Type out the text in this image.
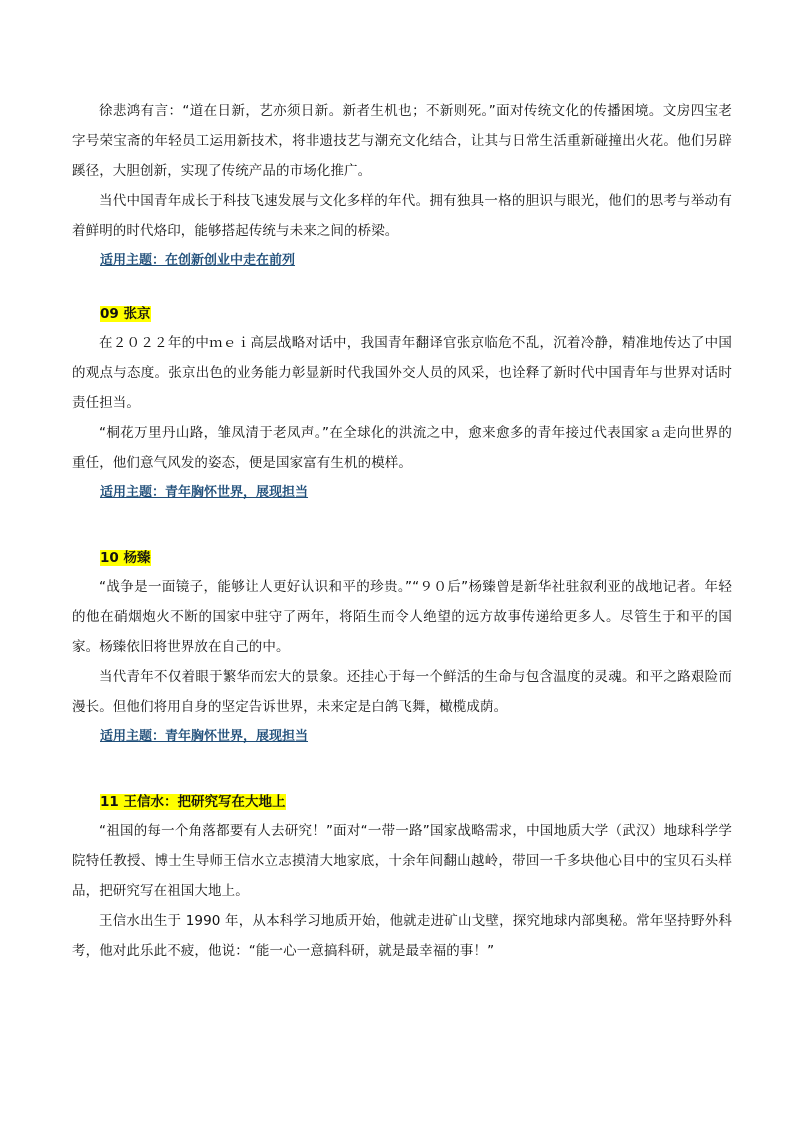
徐悲鸿有言：“道在日新，艺亦须日新。新者生机也；不新则死。”面对传统文化的传播困境。文房四宝老字号荣宝斋的年轻员工运用新技术，将非遗技艺与潮充文化结合，让其与日常生活重新碰撞出火花。他们另辟蹊径，大胆创新，实现了传统产品的市场化推广。

当代中国青年成长于科技飞速发展与文化多样的年代。拥有独具一格的胆识与眼光，他们的思考与举动有着鲜明的时代烙印，能够搭起传统与未来之间的桥梁。

适用主题：在创新创业中走在前列

09 张京

在２０２２年的中ｍｅｉ高层战略对话中，我国青年翻译官张京临危不乱，沉着冷静，精准地传达了中国的观点与态度。张京出色的业务能力彰显新时代我国外交人员的风采，也诠释了新时代中国青年与世界对话时责任担当。

“桐花万里丹山路，雏凤清于老凤声。”在全球化的洪流之中，愈来愈多的青年接过代表国家ａ走向世界的重任，他们意气风发的姿态，便是国家富有生机的模样。

适用主题：青年胸怀世界，展现担当

10 杨臻

“战争是一面镜子，能够让人更好认识和平的珍贵。”“９０后”杨臻曾是新华社驻叙利亚的战地记者。年轻的他在硝烟炮火不断的国家中驻守了两年，将陌生而令人绝望的远方故事传递给更多人。尽管生于和平的国家。杨臻依旧将世界放在自己的中。

当代青年不仅着眼于繁华而宏大的景象。还挂心于每一个鲜活的生命与包含温度的灵魂。和平之路艰险而漫长。但他们将用自身的坚定告诉世界，未来定是白鸽飞舞，橄榄成荫。

适用主题：青年胸怀世界，展现担当

11 王信水：把研究写在大地上

“祖国的每一个角落都要有人去研究！”面对“一带一路”国家战略需求，中国地质大学（武汉）地球科学学院特任教授、博士生导师王信水立志摸清大地家底，十余年间翻山越岭，带回一千多块他心目中的宝贝石头样品，把研究写在祖国大地上。

王信水出生于 1990 年，从本科学习地质开始，他就走进矿山戈壁，探究地球内部奥秘。常年坚持野外科考，他对此乐此不疲，他说：“能一心一意搞科研，就是最幸福的事！”
